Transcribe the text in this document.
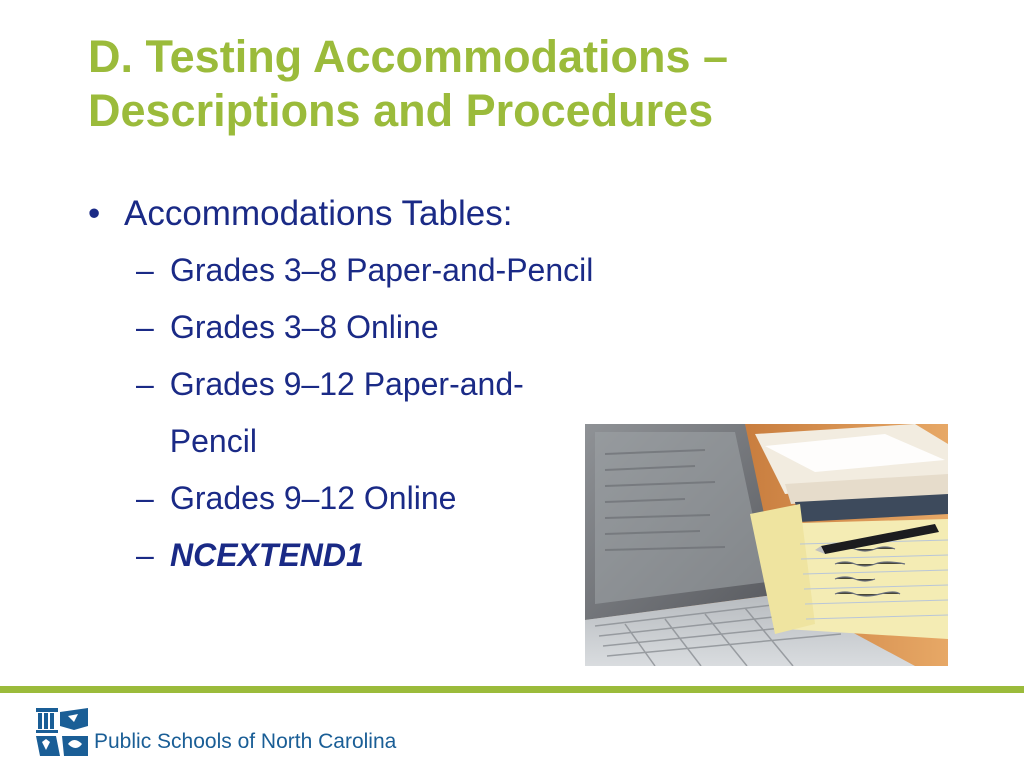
D. Testing Accommodations –
Descriptions and Procedures
• Accommodations Tables:
– Grades 3–8 Paper-and-Pencil
– Grades 3–8 Online
– Grades 9–12 Paper-and-Pencil
– Grades 9–12 Online
– NCEXTEND1
Public Schools of North Carolina
